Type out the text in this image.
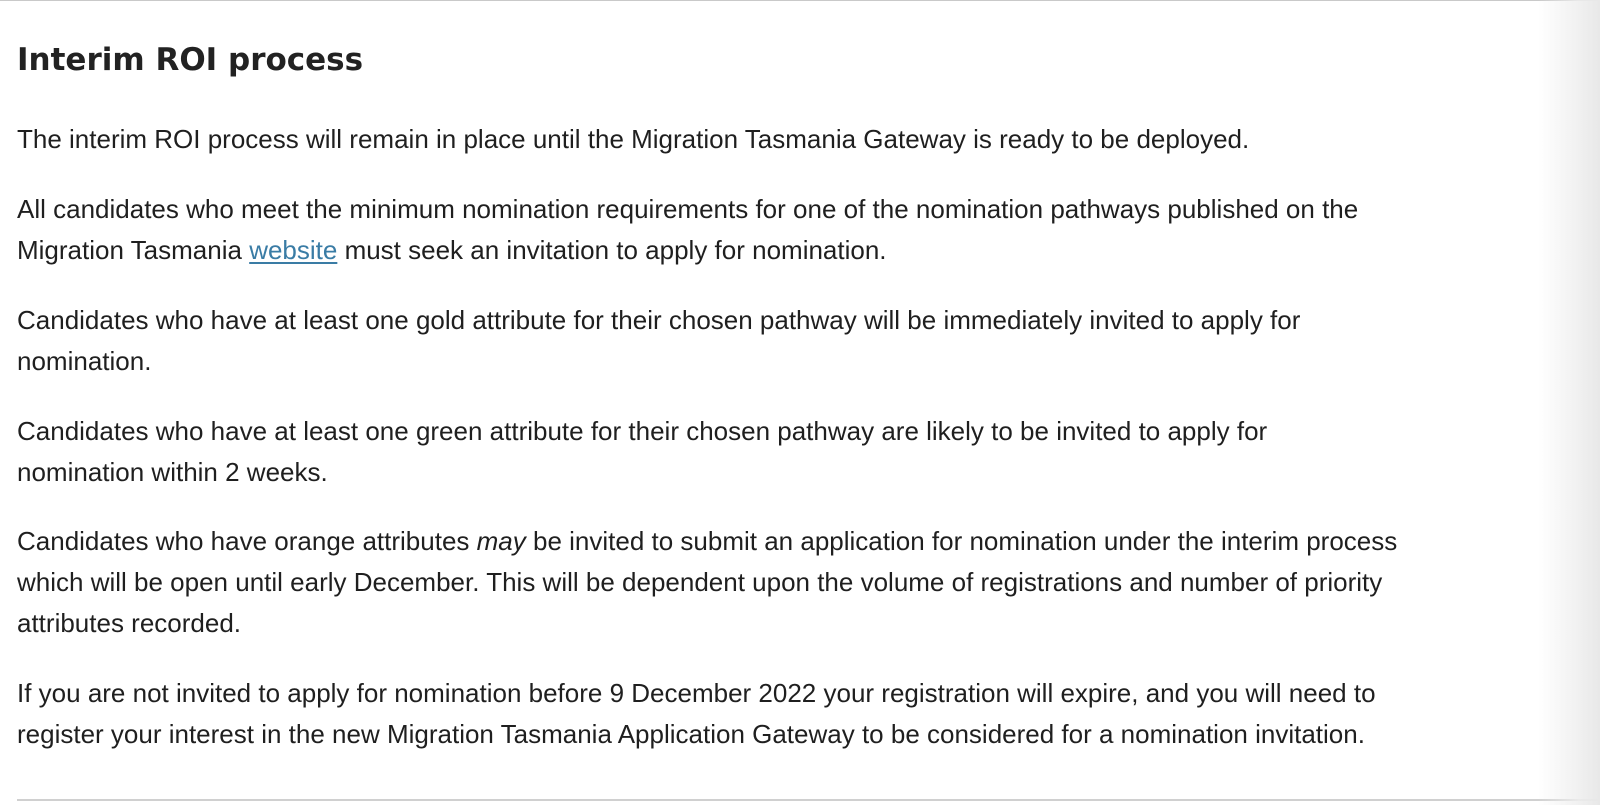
Interim ROI process

The interim ROI process will remain in place until the Migration Tasmania Gateway is ready to be deployed.

All candidates who meet the minimum nomination requirements for one of the nomination pathways published on the
Migration Tasmania website must seek an invitation to apply for nomination.

Candidates who have at least one gold attribute for their chosen pathway will be immediately invited to apply for
nomination.

Candidates who have at least one green attribute for their chosen pathway are likely to be invited to apply for
nomination within 2 weeks.

Candidates who have orange attributes may be invited to submit an application for nomination under the interim process
which will be open until early December. This will be dependent upon the volume of registrations and number of priority
attributes recorded.

If you are not invited to apply for nomination before 9 December 2022 your registration will expire, and you will need to
register your interest in the new Migration Tasmania Application Gateway to be considered for a nomination invitation.
